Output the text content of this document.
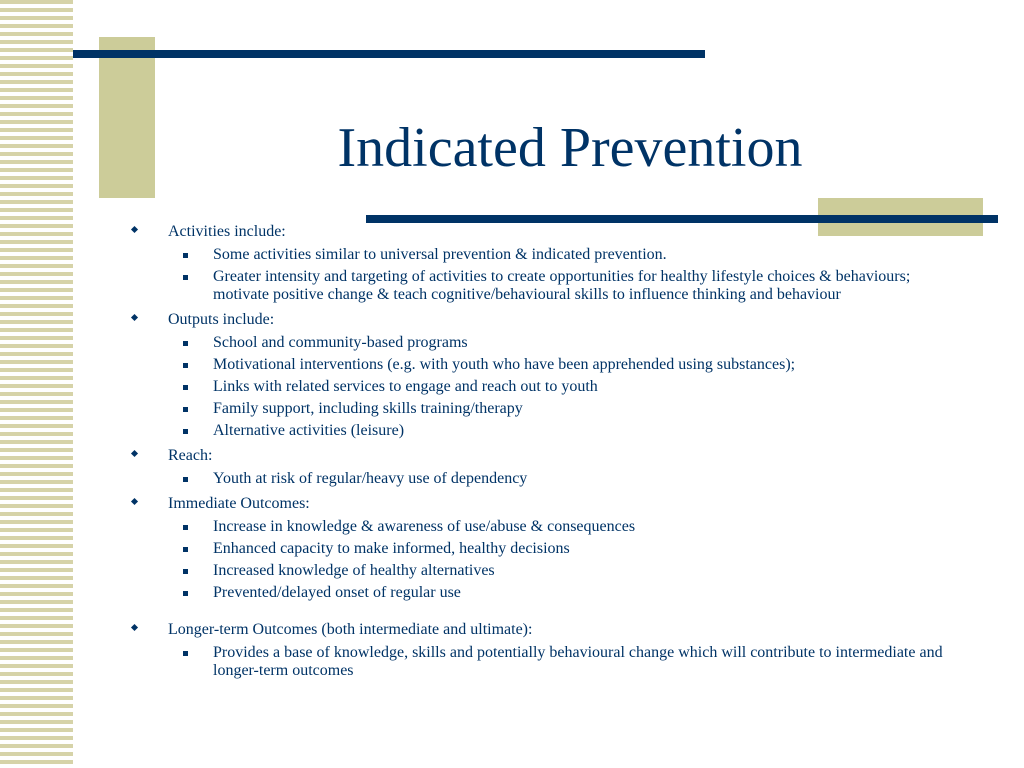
Indicated Prevention
Activities include:
Some activities similar to universal prevention & indicated prevention.
Greater intensity and targeting of activities to create opportunities for healthy lifestyle choices & behaviours; motivate positive change & teach cognitive/behavioural skills to influence thinking and behaviour
Outputs include:
School and community-based programs
Motivational interventions (e.g. with youth who have been apprehended using substances);
Links with related services to engage and reach out to youth
Family support, including skills training/therapy
Alternative activities (leisure)
Reach:
Youth at risk of regular/heavy use of dependency
Immediate Outcomes:
Increase in knowledge & awareness of use/abuse & consequences
Enhanced capacity to make informed, healthy decisions
Increased knowledge of healthy alternatives
Prevented/delayed onset of regular use
Longer-term Outcomes (both intermediate and ultimate):
Provides a base of knowledge, skills and potentially behavioural change which will contribute to intermediate and longer-term outcomes
